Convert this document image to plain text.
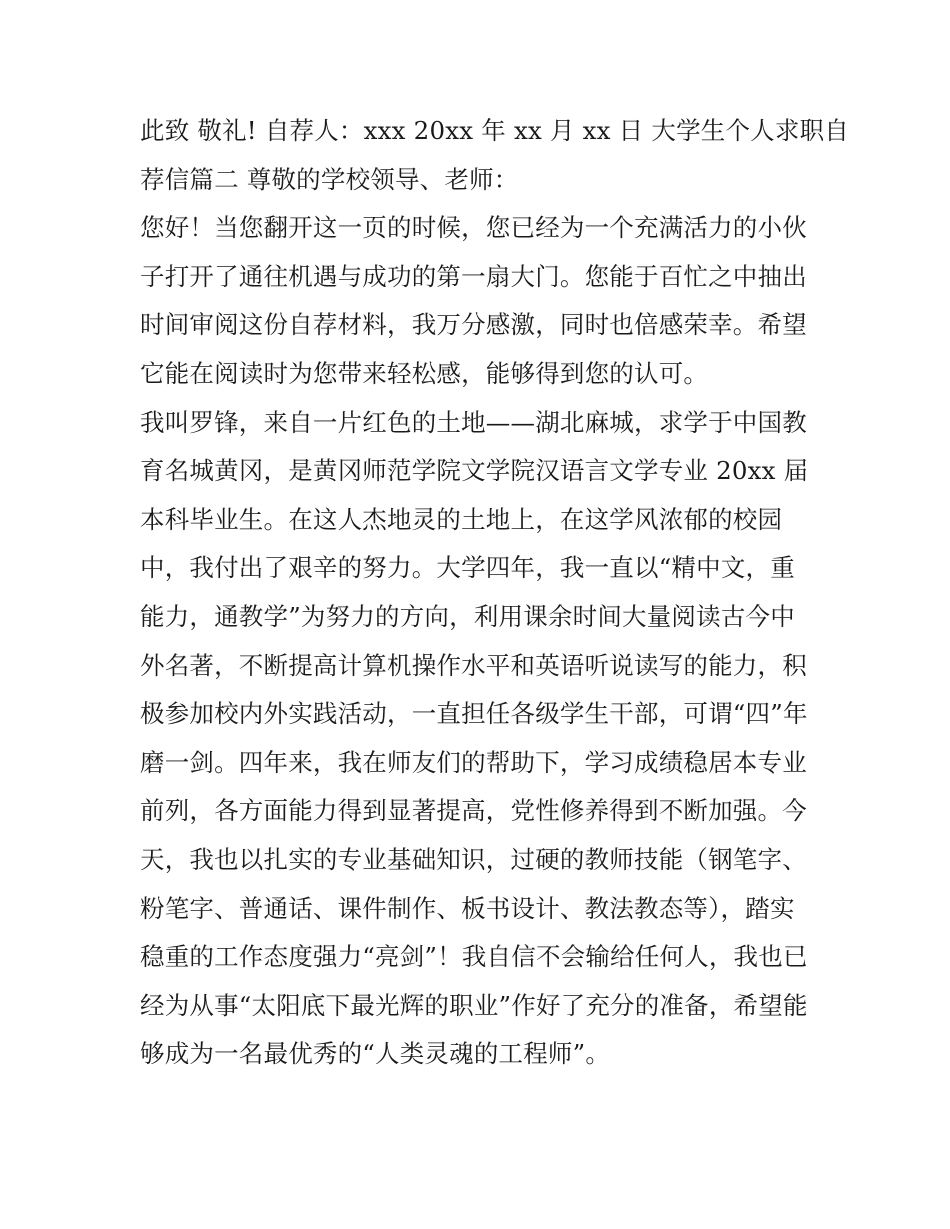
此致 敬礼! 自荐人：xxx 20xx 年 xx 月 xx 日 大学生个人求职自
荐信篇二 尊敬的学校领导、老师：
您好！当您翻开这一页的时候，您已经为一个充满活力的小伙
子打开了通往机遇与成功的第一扇大门。您能于百忙之中抽出
时间审阅这份自荐材料，我万分感激，同时也倍感荣幸。希望
它能在阅读时为您带来轻松感，能够得到您的认可。
我叫罗锋，来自一片红色的土地——湖北麻城，求学于中国教
育名城黄冈，是黄冈师范学院文学院汉语言文学专业 20xx 届
本科毕业生。在这人杰地灵的土地上，在这学风浓郁的校园
中，我付出了艰辛的努力。大学四年，我一直以“精中文，重
能力，通教学”为努力的方向，利用课余时间大量阅读古今中
外名著，不断提高计算机操作水平和英语听说读写的能力，积
极参加校内外实践活动，一直担任各级学生干部，可谓“四”年
磨一剑。四年来，我在师友们的帮助下，学习成绩稳居本专业
前列，各方面能力得到显著提高，党性修养得到不断加强。今
天，我也以扎实的专业基础知识，过硬的教师技能（钢笔字、
粉笔字、普通话、课件制作、板书设计、教法教态等），踏实
稳重的工作态度强力“亮剑”！我自信不会输给任何人，我也已
经为从事“太阳底下最光辉的职业”作好了充分的准备，希望能
够成为一名最优秀的“人类灵魂的工程师”。
